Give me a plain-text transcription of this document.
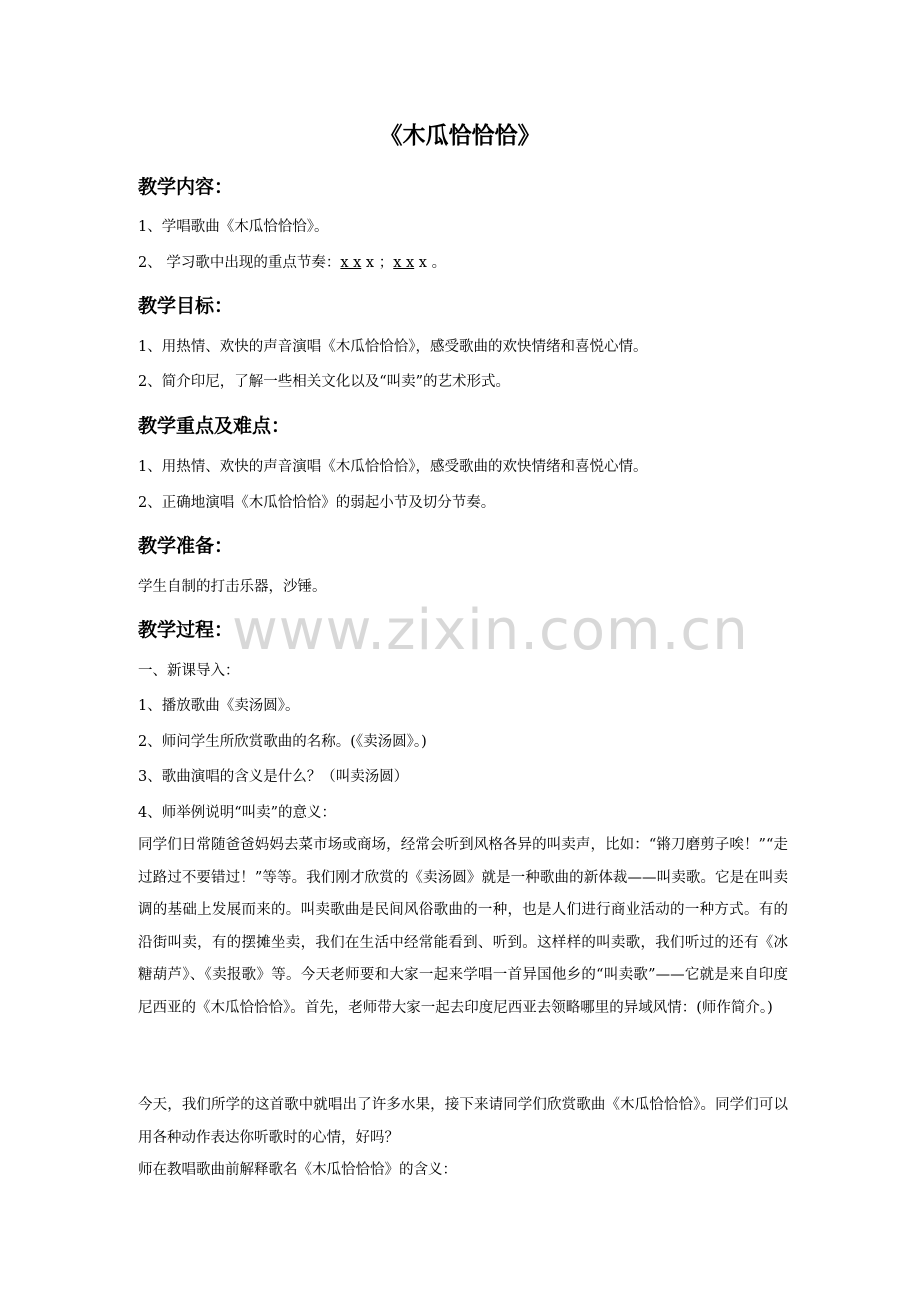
www.zixin.com.cn
《木瓜恰恰恰》
教学内容：
1、学唱歌曲《木瓜恰恰恰》。
2、 学习歌中出现的重点节奏：x x x ；x x x 。
教学目标：
1、用热情、欢快的声音演唱《木瓜恰恰恰》，感受歌曲的欢快情绪和喜悦心情。
2、简介印尼，了解一些相关文化以及“叫卖”的艺术形式。
教学重点及难点：
1、用热情、欢快的声音演唱《木瓜恰恰恰》，感受歌曲的欢快情绪和喜悦心情。
2、正确地演唱《木瓜恰恰恰》的弱起小节及切分节奏。
教学准备：
学生自制的打击乐器，沙锤。
教学过程：
一、新课导入：
1、播放歌曲《卖汤圆》。
2、师问学生所欣赏歌曲的名称。(《卖汤圆》。)
3、歌曲演唱的含义是什么？（叫卖汤圆）
4、师举例说明“叫卖”的意义：
同学们日常随爸爸妈妈去菜市场或商场，经常会听到风格各异的叫卖声，比如：“锵刀磨剪子唉！”“走过路过不要错过！”等等。我们刚才欣赏的《卖汤圆》就是一种歌曲的新体裁——叫卖歌。它是在叫卖调的基础上发展而来的。叫卖歌曲是民间风俗歌曲的一种，也是人们进行商业活动的一种方式。有的沿街叫卖，有的摆摊坐卖，我们在生活中经常能看到、听到。这样样的叫卖歌，我们听过的还有《冰糖葫芦》、《卖报歌》等。今天老师要和大家一起来学唱一首异国他乡的“叫卖歌”——它就是来自印度尼西亚的《木瓜恰恰恰》。首先，老师带大家一起去印度尼西亚去领略哪里的异域风情：(师作简介。)
今天，我们所学的这首歌中就唱出了许多水果，接下来请同学们欣赏歌曲《木瓜恰恰恰》。同学们可以用各种动作表达你听歌时的心情，好吗？
师在教唱歌曲前解释歌名《木瓜恰恰恰》的含义：
